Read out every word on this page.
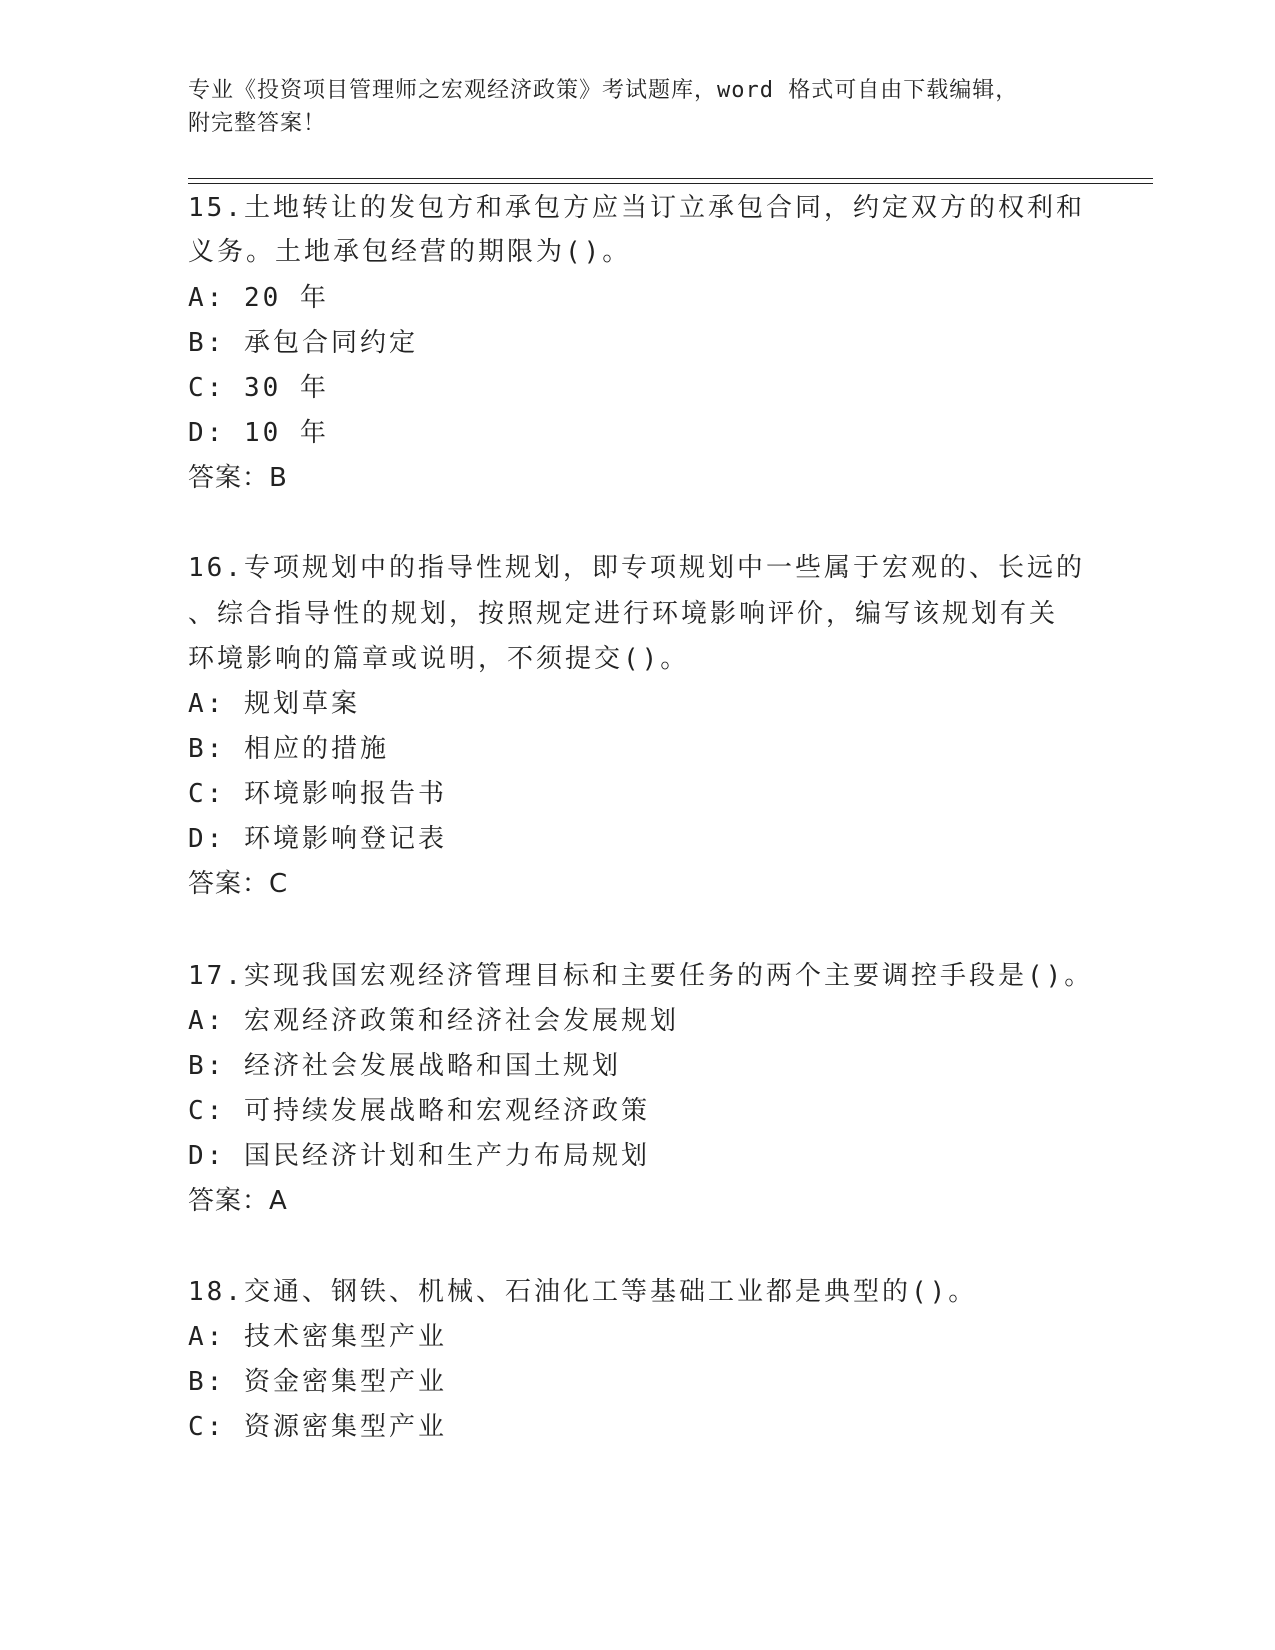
专业《投资项目管理师之宏观经济政策》考试题库，word 格式可自由下载编辑，
附完整答案！
15.土地转让的发包方和承包方应当订立承包合同，约定双方的权利和
义务。土地承包经营的期限为()。
A: 20 年
B: 承包合同约定
C: 30 年
D: 10 年
答案：B
16.专项规划中的指导性规划，即专项规划中一些属于宏观的、长远的
、综合指导性的规划，按照规定进行环境影响评价，编写该规划有关
环境影响的篇章或说明，不须提交()。
A: 规划草案
B: 相应的措施
C: 环境影响报告书
D: 环境影响登记表
答案：C
17.实现我国宏观经济管理目标和主要任务的两个主要调控手段是()。
A: 宏观经济政策和经济社会发展规划
B: 经济社会发展战略和国土规划
C: 可持续发展战略和宏观经济政策
D: 国民经济计划和生产力布局规划
答案：A
18.交通、钢铁、机械、石油化工等基础工业都是典型的()。
A: 技术密集型产业
B: 资金密集型产业
C: 资源密集型产业
